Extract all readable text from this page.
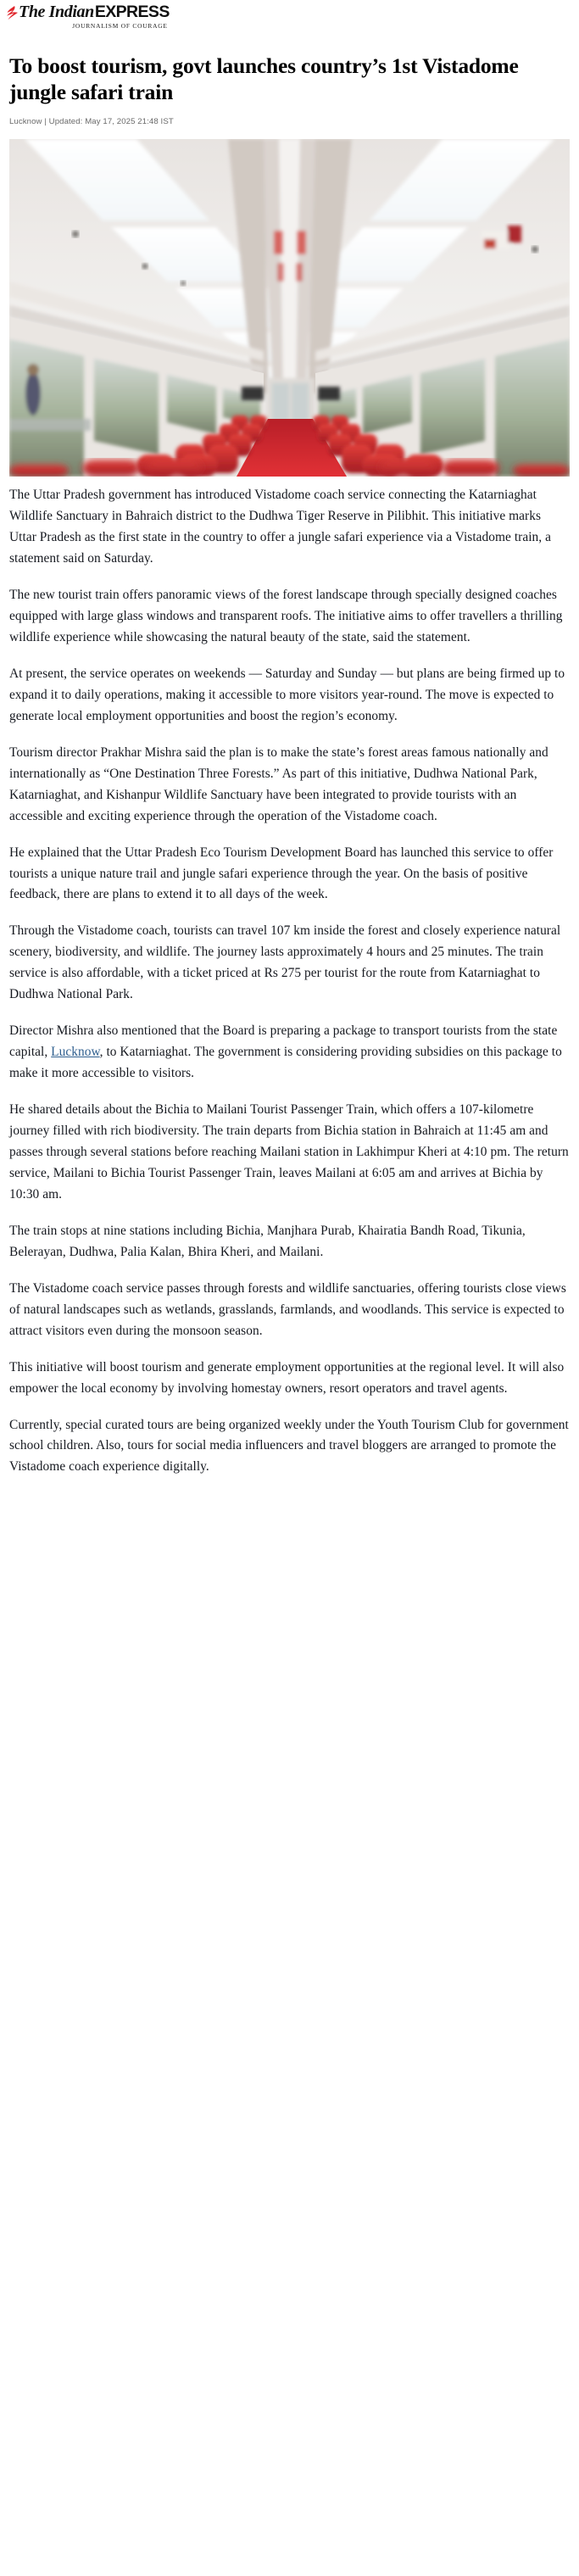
The Indian EXPRESS
JOURNALISM OF COURAGE
To boost tourism, govt launches country’s 1st Vistadome jungle safari train
Lucknow | Updated: May 17, 2025 21:48 IST

The Uttar Pradesh government has introduced Vistadome coach service connecting the Katarniaghat Wildlife Sanctuary in Bahraich district to the Dudhwa Tiger Reserve in Pilibhit. This initiative marks Uttar Pradesh as the first state in the country to offer a jungle safari experience via a Vistadome train, a statement said on Saturday.

The new tourist train offers panoramic views of the forest landscape through specially designed coaches equipped with large glass windows and transparent roofs. The initiative aims to offer travellers a thrilling wildlife experience while showcasing the natural beauty of the state, said the statement.

At present, the service operates on weekends — Saturday and Sunday — but plans are being firmed up to expand it to daily operations, making it accessible to more visitors year-round. The move is expected to generate local employment opportunities and boost the region’s economy.

Tourism director Prakhar Mishra said the plan is to make the state’s forest areas famous nationally and internationally as “One Destination Three Forests.” As part of this initiative, Dudhwa National Park, Katarniaghat, and Kishanpur Wildlife Sanctuary have been integrated to provide tourists with an accessible and exciting experience through the operation of the Vistadome coach.

He explained that the Uttar Pradesh Eco Tourism Development Board has launched this service to offer tourists a unique nature trail and jungle safari experience through the year. On the basis of positive feedback, there are plans to extend it to all days of the week.

Through the Vistadome coach, tourists can travel 107 km inside the forest and closely experience natural scenery, biodiversity, and wildlife. The journey lasts approximately 4 hours and 25 minutes. The train service is also affordable, with a ticket priced at Rs 275 per tourist for the route from Katarniaghat to Dudhwa National Park.

Director Mishra also mentioned that the Board is preparing a package to transport tourists from the state capital, Lucknow, to Katarniaghat. The government is considering providing subsidies on this package to make it more accessible to visitors.

He shared details about the Bichia to Mailani Tourist Passenger Train, which offers a 107-kilometre journey filled with rich biodiversity. The train departs from Bichia station in Bahraich at 11:45 am and passes through several stations before reaching Mailani station in Lakhimpur Kheri at 4:10 pm. The return service, Mailani to Bichia Tourist Passenger Train, leaves Mailani at 6:05 am and arrives at Bichia by 10:30 am.

The train stops at nine stations including Bichia, Manjhara Purab, Khairatia Bandh Road, Tikunia, Belerayan, Dudhwa, Palia Kalan, Bhira Kheri, and Mailani.

The Vistadome coach service passes through forests and wildlife sanctuaries, offering tourists close views of natural landscapes such as wetlands, grasslands, farmlands, and woodlands. This service is expected to attract visitors even during the monsoon season.

This initiative will boost tourism and generate employment opportunities at the regional level. It will also empower the local economy by involving homestay owners, resort operators and travel agents.

Currently, special curated tours are being organized weekly under the Youth Tourism Club for government school children. Also, tours for social media influencers and travel bloggers are arranged to promote the Vistadome coach experience digitally.
